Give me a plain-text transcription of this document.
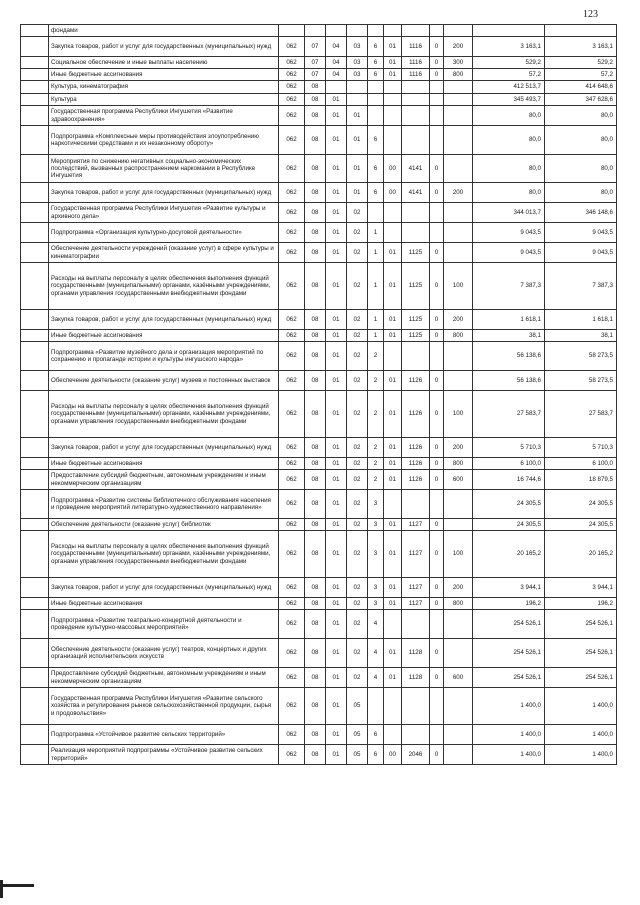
123
	фондами											
	Закупка товаров, работ и услуг для государственных (муниципальных) нужд	062	07	04	03	6	01	1116	0	200	3 163,1	3 163,1
	Социальное обеспечение и иные выплаты населению	062	07	04	03	6	01	1116	0	300	529,2	529,2
	Иные бюджетные ассигнования	062	07	04	03	6	01	1116	0	800	57,2	57,2
	Культура, кинематография	062	08								412 513,7	414 648,6
	Культура	062	08	01							345 493,7	347 628,6
	Государственная программа Республики Ингушетия «Развитие здравоохранения»	062	08	01	01						80,0	80,0
	Подпрограмма «Комплексные меры противодействия злоупотреблению наркотическими средствами и их незаконному обороту»	062	08	01	01	6					80,0	80,0
	Мероприятия по снижению негативных социально-экономических последствий, вызванных распространением наркомании в Республике Ингушетия	062	08	01	01	6	00	4141	0		80,0	80,0
	Закупка товаров, работ и услуг для государственных (муниципальных) нужд	062	08	01	01	6	00	4141	0	200	80,0	80,0
	Государственная программа Республики Ингушетия «Развитие культуры и архивного дела»	062	08	01	02						344 013,7	346 148,6
	Подпрограмма «Организация культурно-досуговой деятельности»	062	08	01	02	1					9 043,5	9 043,5
	Обеспечение деятельности учреждений (оказание услуг) в сфере культуры и кинематографии	062	08	01	02	1	01	1125	0		9 043,5	9 043,5
	Расходы на выплаты персоналу в целях обеспечения выполнения функций государственными (муниципальными) органами, казёнными учреждениями, органами управления государственными внебюджетными фондами	062	08	01	02	1	01	1125	0	100	7 387,3	7 387,3
	Закупка товаров, работ и услуг для государственных (муниципальных) нужд	062	08	01	02	1	01	1125	0	200	1 618,1	1 618,1
	Иные бюджетные ассигнования	062	08	01	02	1	01	1125	0	800	38,1	38,1
	Подпрограмма «Развитие музейного дела и организация мероприятий по сохранению и пропаганде истории и культуры ингушского народа»	062	08	01	02	2					56 138,6	58 273,5
	Обеспечение деятельности (оказание услуг) музеев и постоянных выставок	062	08	01	02	2	01	1126	0		56 138,6	58 273,5
	Расходы на выплаты персоналу в целях обеспечения выполнения функций государственными (муниципальными) органами, казёнными учреждениями, органами управления государственными внебюджетными фондами	062	08	01	02	2	01	1126	0	100	27 583,7	27 583,7
	Закупка товаров, работ и услуг для государственных (муниципальных) нужд	062	08	01	02	2	01	1126	0	200	5 710,3	5 710,3
	Иные бюджетные ассигнования	062	08	01	02	2	01	1126	0	800	6 100,0	6 100,0
	Предоставление субсидий бюджетным, автономным учреждениям и иным некоммерческим организациям	062	08	01	02	2	01	1126	0	600	16 744,6	18 879,5
	Подпрограмма «Развитие системы библиотечного обслуживания населения и проведение мероприятий литературно-художественного направления»	062	08	01	02	3					24 305,5	24 305,5
	Обеспечение деятельности (оказание услуг) библиотек	062	08	01	02	3	01	1127	0		24 305,5	24 305,5
	Расходы на выплаты персоналу в целях обеспечения выполнения функций государственными (муниципальными) органами, казёнными учреждениями, органами управления государственными внебюджетными фондами	062	08	01	02	3	01	1127	0	100	20 165,2	20 165,2
	Закупка товаров, работ и услуг для государственных (муниципальных) нужд	062	08	01	02	3	01	1127	0	200	3 944,1	3 944,1
	Иные бюджетные ассигнования	062	08	01	02	3	01	1127	0	800	196,2	196,2
	Подпрограмма «Развитие театрально-концертной деятельности и проведение культурно-массовых мероприятий»	062	08	01	02	4					254 526,1	254 526,1
	Обеспечение деятельности (оказание услуг) театров, концертных и других организаций исполнительских искусств	062	08	01	02	4	01	1128	0		254 526,1	254 526,1
	Предоставление субсидий бюджетным, автономным учреждениям и иным некоммерческим организациям	062	08	01	02	4	01	1128	0	600	254 526,1	254 526,1
	Государственная программа Республики Ингушетия «Развитие сельского хозяйства и регулирования рынков сельскохозяйственной продукции, сырья и продовольствия»	062	08	01	05						1 400,0	1 400,0
	Подпрограмма «Устойчивое развитие сельских территорий»	062	08	01	05	6					1 400,0	1 400,0
	Реализация мероприятий подпрограммы «Устойчивое развитие сельских территорий»	062	08	01	05	6	00	2046	0		1 400,0	1 400,0
